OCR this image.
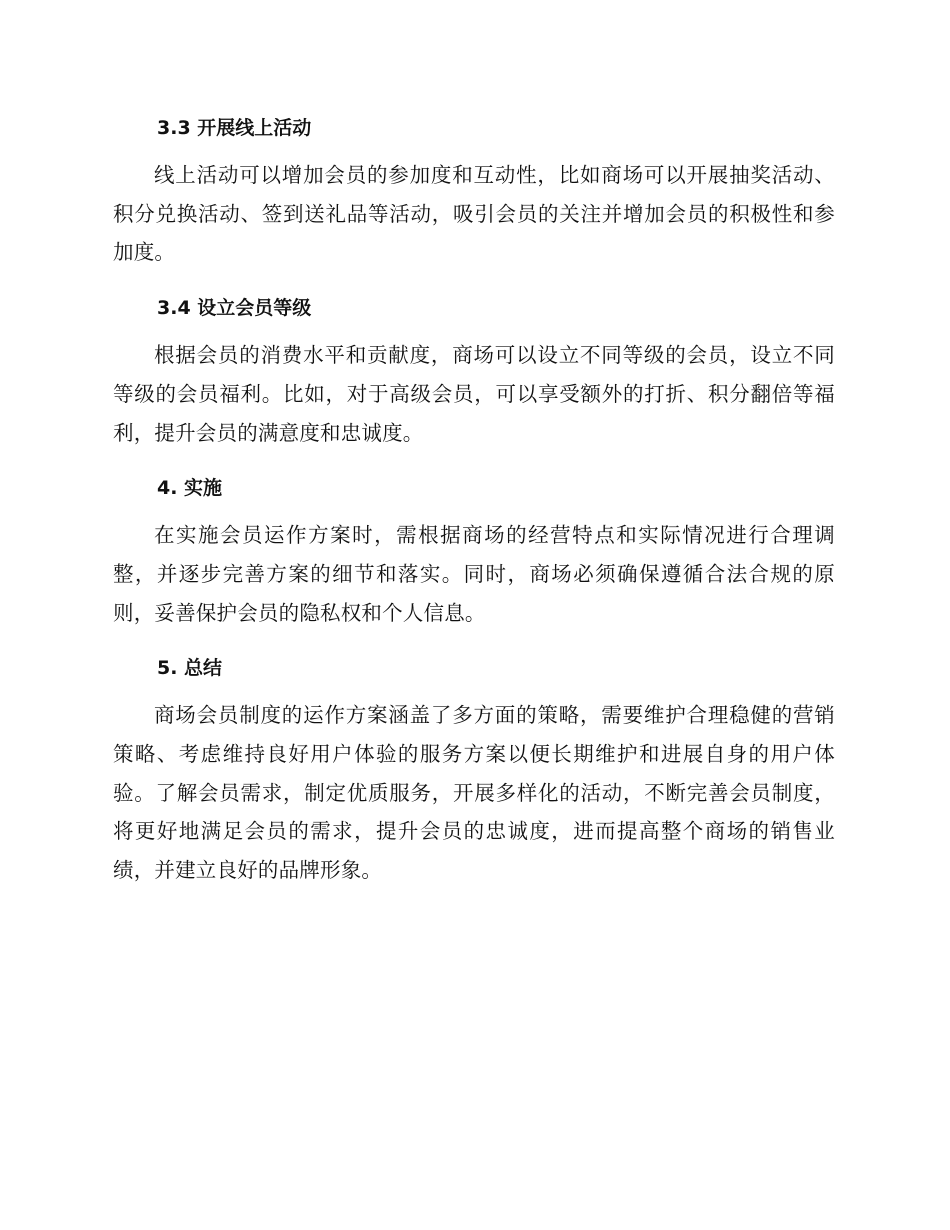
3.3 开展线上活动

线上活动可以增加会员的参加度和互动性，比如商场可以开展抽奖活动、积分兑换活动、签到送礼品等活动，吸引会员的关注并增加会员的积极性和参加度。

3.4 设立会员等级

根据会员的消费水平和贡献度，商场可以设立不同等级的会员，设立不同等级的会员福利。比如，对于高级会员，可以享受额外的打折、积分翻倍等福利，提升会员的满意度和忠诚度。

4. 实施

在实施会员运作方案时，需根据商场的经营特点和实际情况进行合理调整，并逐步完善方案的细节和落实。同时，商场必须确保遵循合法合规的原则，妥善保护会员的隐私权和个人信息。

5. 总结

商场会员制度的运作方案涵盖了多方面的策略，需要维护合理稳健的营销策略、考虑维持良好用户体验的服务方案以便长期维护和进展自身的用户体验。了解会员需求，制定优质服务，开展多样化的活动，不断完善会员制度，将更好地满足会员的需求，提升会员的忠诚度，进而提高整个商场的销售业绩，并建立良好的品牌形象。
